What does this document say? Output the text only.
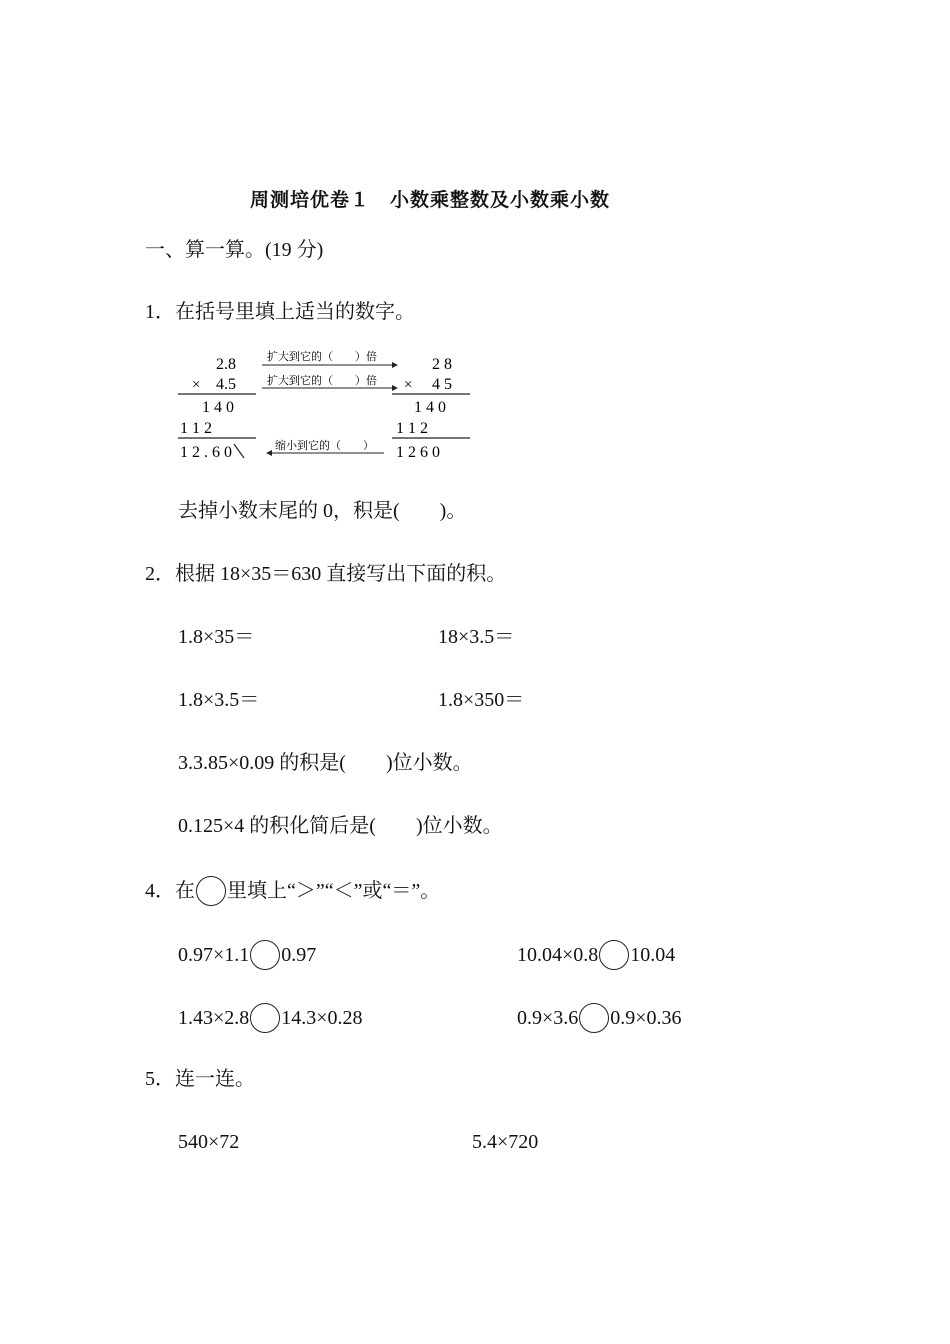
周测培优卷１　小数乘整数及小数乘小数
一、算一算。(19 分)
1．在括号里填上适当的数字。
2.8
× 4.5
1 4 0
1 1 2
1 2 . 6 0
扩大到它的（　　）倍
扩大到它的（　　）倍
缩小到它的（　　）
2 8
× 4 5
1 4 0
1 1 2
1 2 6 0
去掉小数末尾的 0，积是(　　)。
2．根据 18×35＝630 直接写出下面的积。
1.8×35＝	18×3.5＝
1.8×3.5＝	1.8×350＝
3.3.85×0.09 的积是(　　)位小数。
0.125×4 的积化简后是(　　)位小数。
4．在 里填上“＞”“＜”或“＝”。
0.97×1.1 0.97	10.04×0.8 10.04
1.43×2.8 14.3×0.28	0.9×3.6 0.9×0.36
5．连一连。
540×72	5.4×720
